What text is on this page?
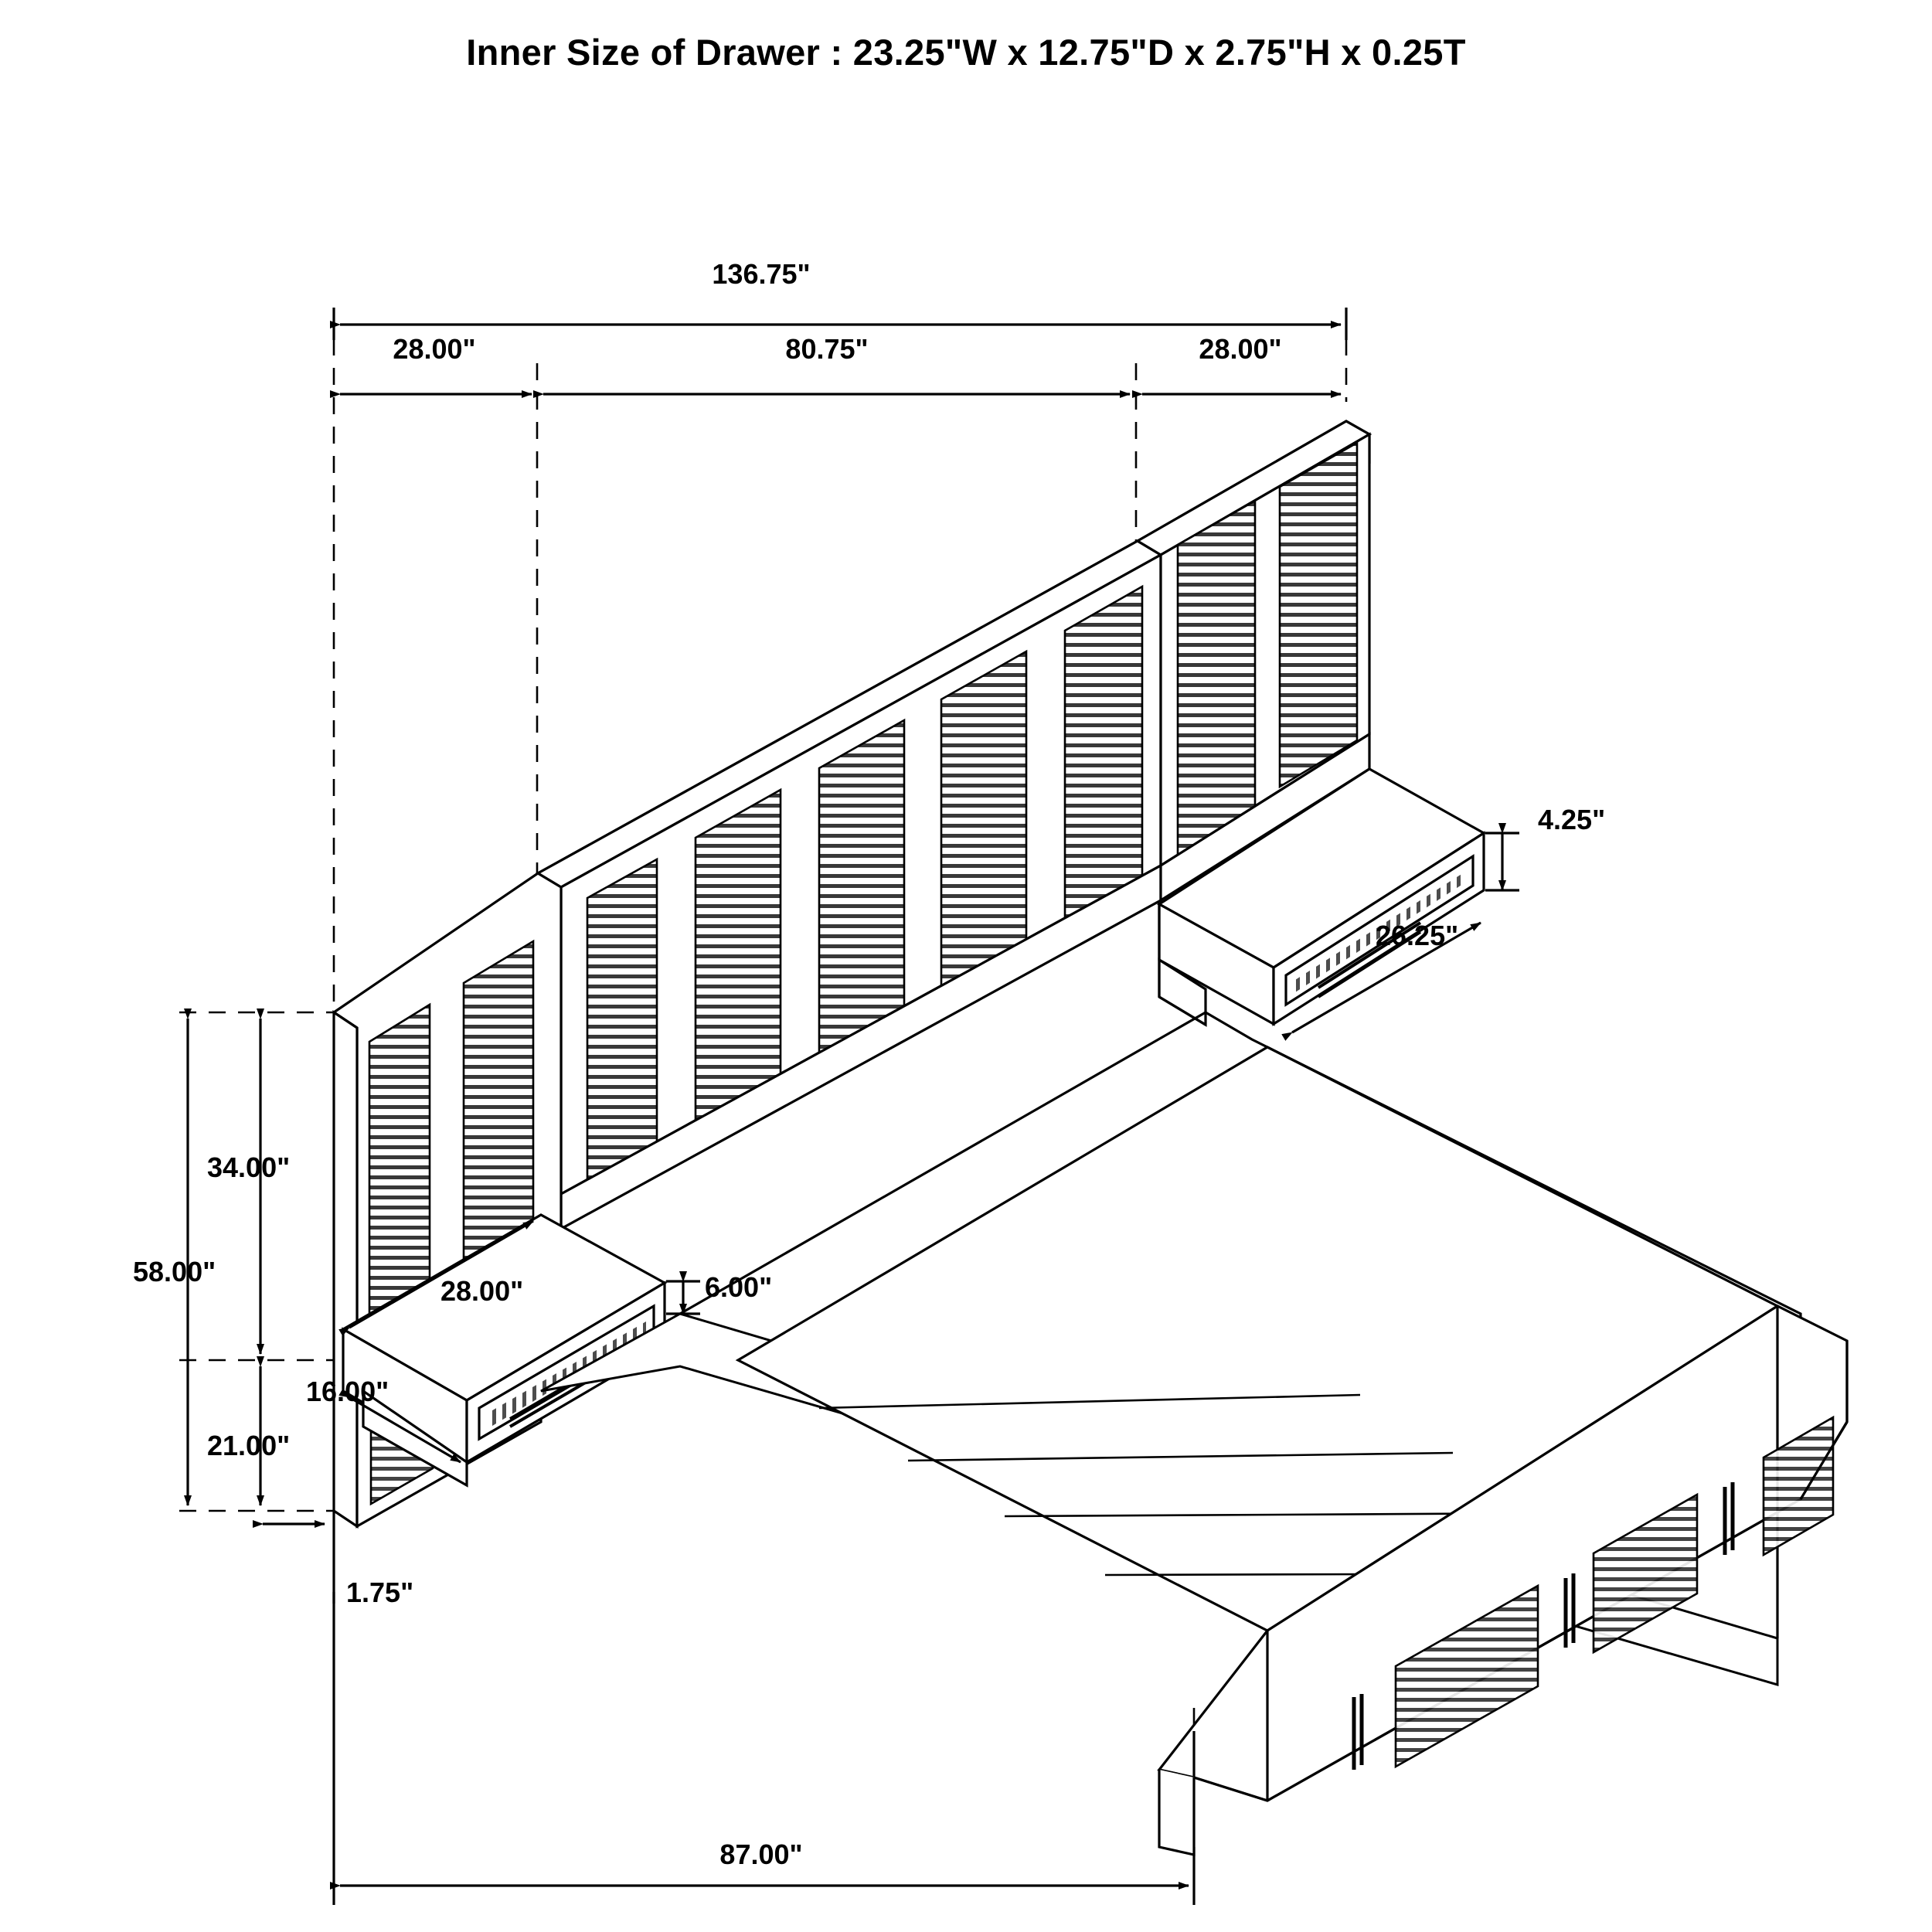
Inner Size of Drawer : 23.25"W x 12.75"D x 2.75"H x 0.25T
136.75"
28.00"	80.75"	28.00"
4.25"
26.25"
34.00"
58.00"
28.00"	6.00"
16.00"
21.00"
1.75"
87.00"
